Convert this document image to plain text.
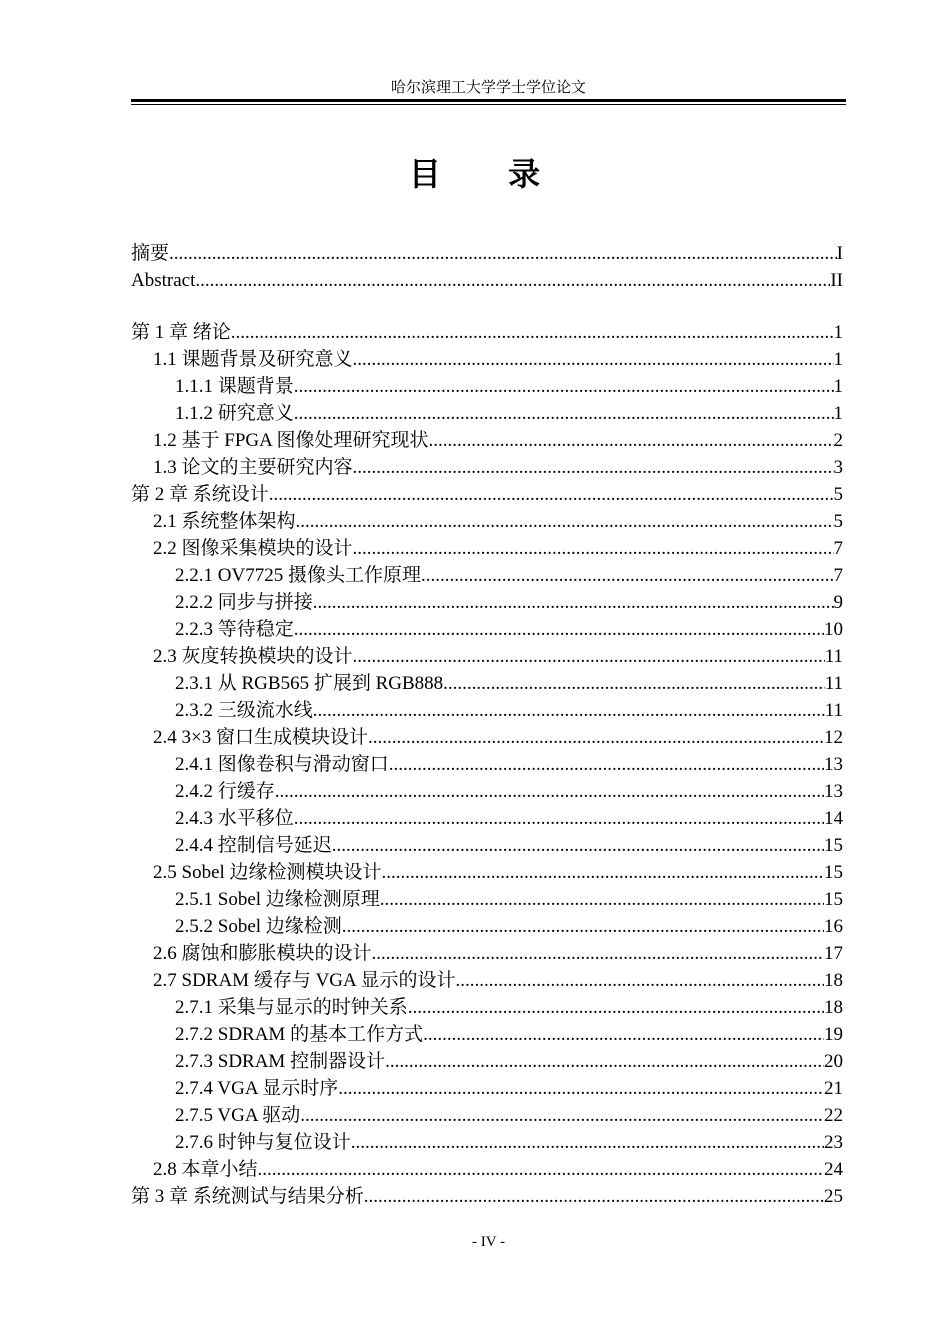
哈尔滨理工大学学士学位论文
目 录
摘要 .....	I
Abstract .....	II
第 1 章 绪论 .....	1
1.1 课题背景及研究意义 .....	1
1.1.1 课题背景 .....	1
1.1.2 研究意义 .....	1
1.2 基于 FPGA 图像处理研究现状 .....	2
1.3 论文的主要研究内容 .....	3
第 2 章 系统设计 .....	5
2.1 系统整体架构 .....	5
2.2 图像采集模块的设计 .....	7
2.2.1 OV7725 摄像头工作原理 .....	7
2.2.2 同步与拼接 .....	9
2.2.3 等待稳定 .....	10
2.3 灰度转换模块的设计 .....	11
2.3.1 从 RGB565 扩展到 RGB888 .....	11
2.3.2 三级流水线 .....	11
2.4 3×3 窗口生成模块设计 .....	12
2.4.1 图像卷积与滑动窗口 .....	13
2.4.2 行缓存 .....	13
2.4.3 水平移位 .....	14
2.4.4 控制信号延迟 .....	15
2.5 Sobel 边缘检测模块设计 .....	15
2.5.1 Sobel 边缘检测原理 .....	15
2.5.2 Sobel 边缘检测 .....	16
2.6 腐蚀和膨胀模块的设计 .....	17
2.7 SDRAM 缓存与 VGA 显示的设计 .....	18
2.7.1 采集与显示的时钟关系 .....	18
2.7.2 SDRAM 的基本工作方式 .....	19
2.7.3 SDRAM 控制器设计 .....	20
2.7.4 VGA 显示时序 .....	21
2.7.5 VGA 驱动 .....	22
2.7.6 时钟与复位设计 .....	23
2.8 本章小结 .....	24
第 3 章 系统测试与结果分析 .....	25
- IV -
